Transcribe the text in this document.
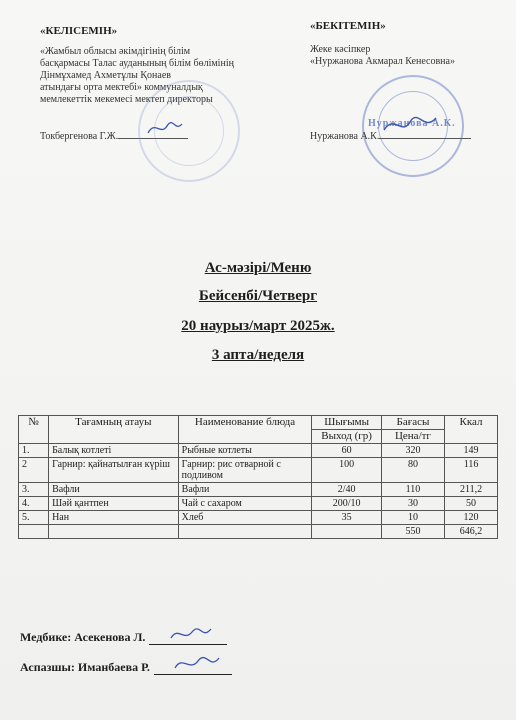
«КЕЛІСЕМІН»
«Жамбыл облысы әкімдігінің білім
басқармасы Талас ауданының білім бөлімінің
Дінмұхамед Ахметұлы Қонаев
атындағы орта мектебі» коммуналдық
мемлекеттік мекемесі мектеп директоры
Токбергенова Г.Ж.
«БЕКІТЕМІН»
Жеке кәсіпкер
«Нуржанова Акмарал Кенесовна»
Нуржанова А.К.
Нуржанова А.К.
Ас-мәзірі/Меню
Бейсенбі/Четверг
20 наурыз/март 2025ж.
3 апта/неделя
№	Тағамның атауы	Наименование блюда	Шығымы	Бағасы	Ккал
			Выход (гр)	Цена/тг	
1.	Балық котлеті	Рыбные котлеты	60	320	149
2	Гарнир: қайнатылған күріш	Гарнир: рис отварной с подливом	100	80	116
3.	Вафли	Вафли	2/40	110	211,2
4.	Шәй қантпен	Чай с сахаром	200/10	30	50
5.	Нан	Хлеб	35	10	120
				550	646,2
Медбике: Асекенова Л.
Аспазшы: Иманбаева Р.
